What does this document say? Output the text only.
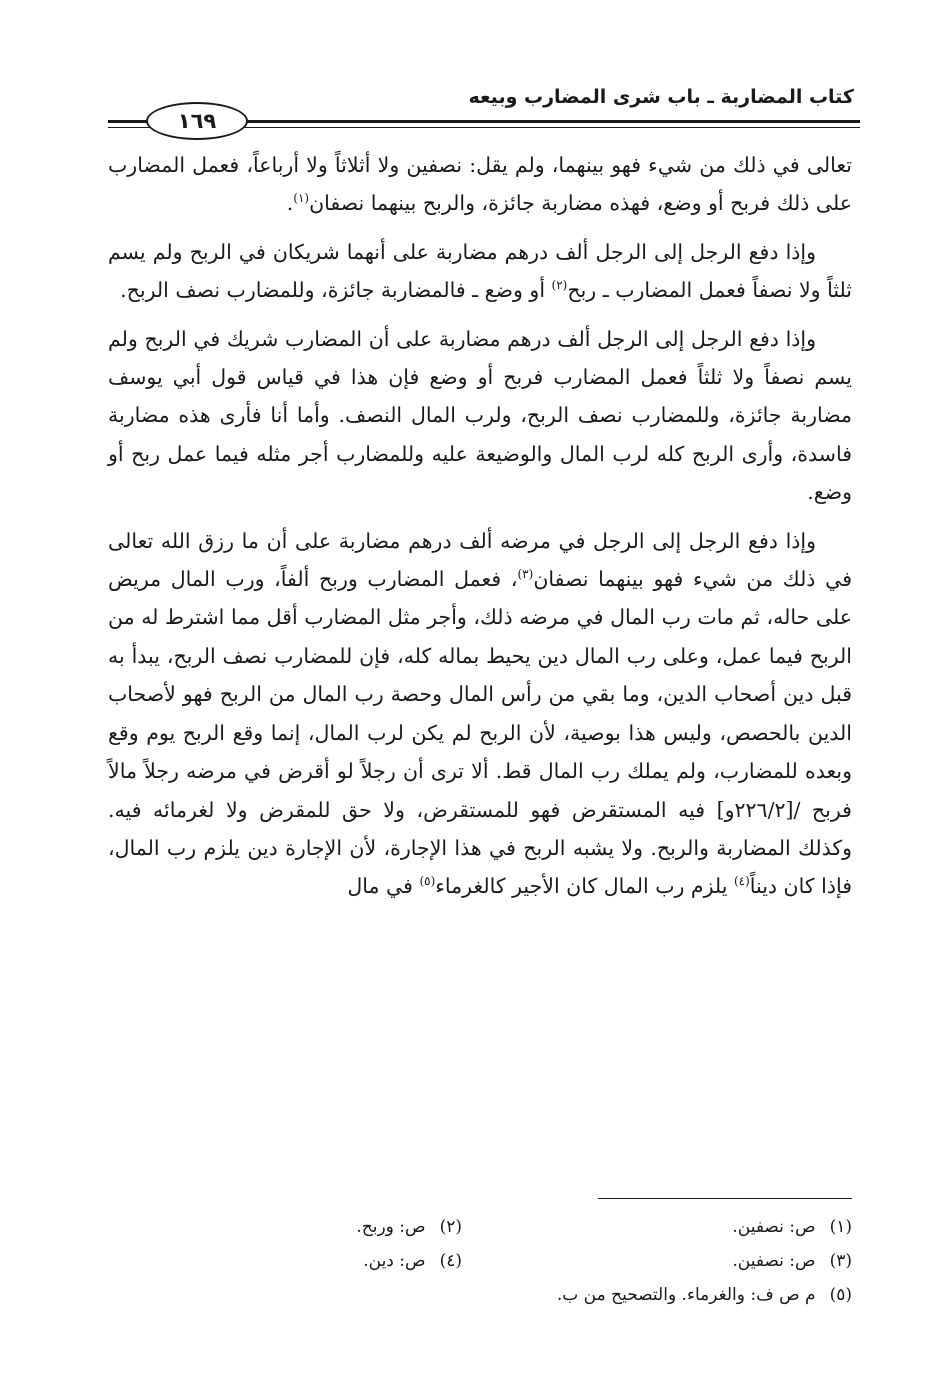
كتاب المضاربة ـ باب شرى المضارب وبيعه
١٦٩

تعالى في ذلك من شيء فهو بينهما، ولم يقل: نصفين ولا أثلاثاً ولا أرباعاً، فعمل المضارب على ذلك فربح أو وضع، فهذه مضاربة جائزة، والربح بينهما نصفان$^{(١)}$.

وإذا دفع الرجل إلى الرجل ألف درهم مضاربة على أنهما شريكان في الربح ولم يسم ثلثاً ولا نصفاً فعمل المضارب ـ ربح$^{(٢)}$ أو وضع ـ فالمضاربة جائزة، وللمضارب نصف الربح.

وإذا دفع الرجل إلى الرجل ألف درهم مضاربة على أن المضارب شريك في الربح ولم يسم نصفاً ولا ثلثاً فعمل المضارب فربح أو وضع فإن هذا في قياس قول أبي يوسف مضاربة جائزة، وللمضارب نصف الربح، ولرب المال النصف. وأما أنا فأرى هذه مضاربة فاسدة، وأرى الربح كله لرب المال والوضيعة عليه وللمضارب أجر مثله فيما عمل ربح أو وضع.

وإذا دفع الرجل إلى الرجل في مرضه ألف درهم مضاربة على أن ما رزق الله تعالى في ذلك من شيء فهو بينهما نصفان$^{(٣)}$، فعمل المضارب وربح ألفاً، ورب المال مريض على حاله، ثم مات رب المال في مرضه ذلك، وأجر مثل المضارب أقل مما اشترط له من الربح فيما عمل، وعلى رب المال دين يحيط بماله كله، فإن للمضارب نصف الربح، يبدأ به قبل دين أصحاب الدين، وما بقي من رأس المال وحصة رب المال من الربح فهو لأصحاب الدين بالحصص، وليس هذا بوصية، لأن الربح لم يكن لرب المال، إنما وقع الربح يوم وقع وبعده للمضارب، ولم يملك رب المال قط. ألا ترى أن رجلاً لو أقرض في مرضه رجلاً مالاً فربح /[٢٢٦/٢و] فيه المستقرض فهو للمستقرض، ولا حق للمقرض ولا لغرمائه فيه. وكذلك المضاربة والربح. ولا يشبه الربح في هذا الإجارة، لأن الإجارة دين يلزم رب المال، فإذا كان ديناً$^{(٤)}$ يلزم رب المال كان الأجير كالغرماء$^{(٥)}$ في مال

(١)ص: نصفين.
(٢)ص: وربح.
(٣)ص: نصفين.
(٤)ص: دين.
(٥)م ص ف: والغرماء. والتصحيح من ب.
